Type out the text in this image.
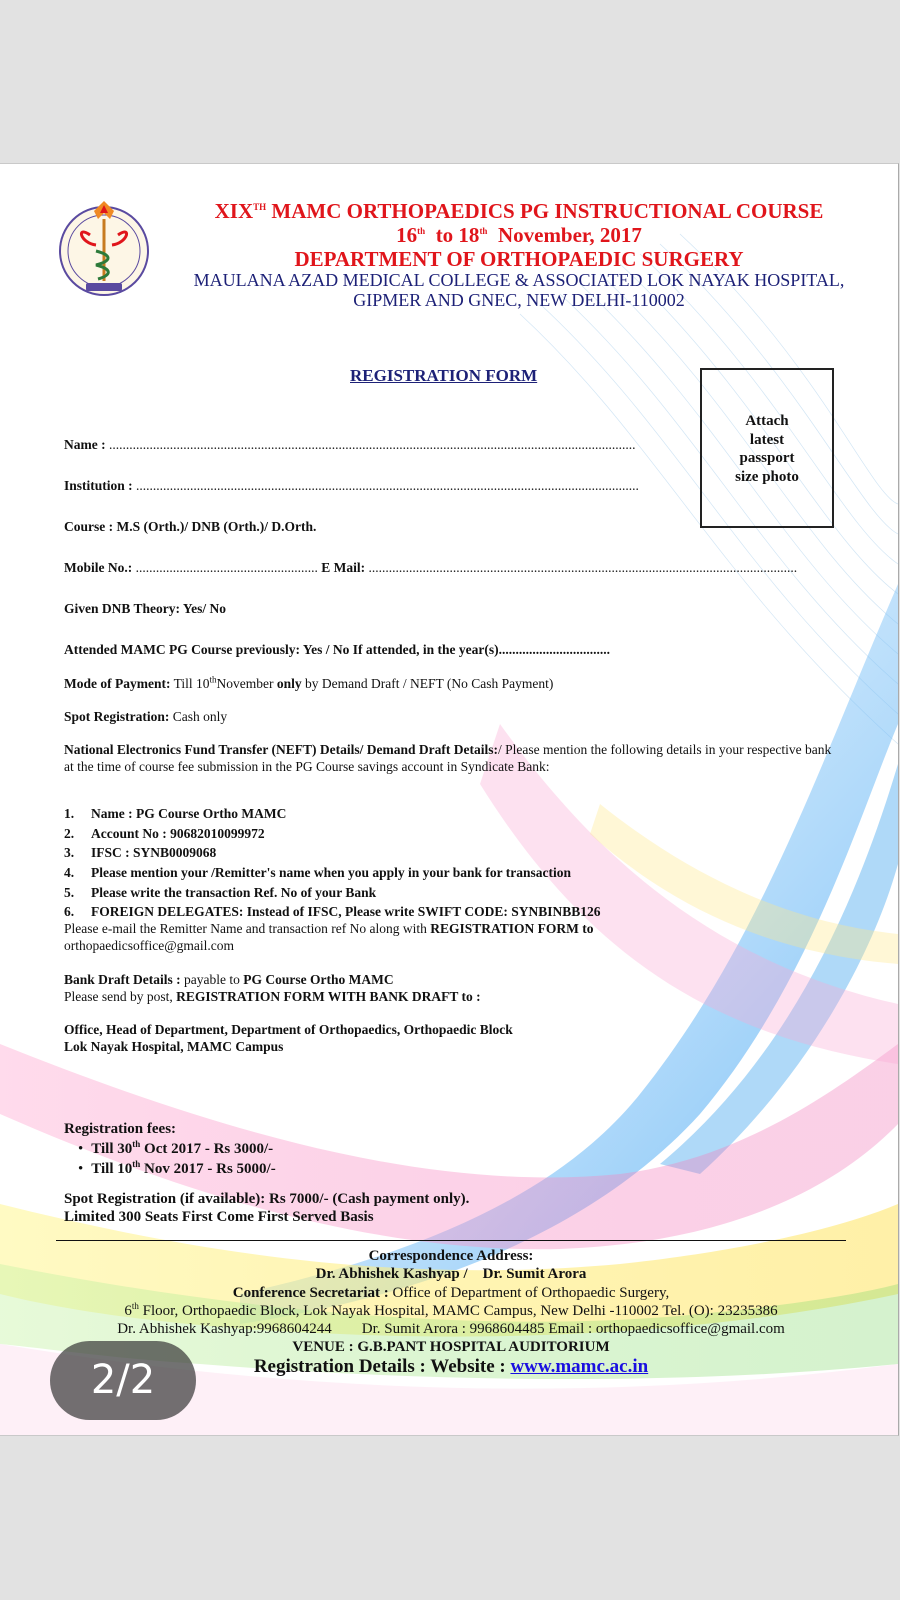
XIXTH MAMC ORTHOPAEDICS PG INSTRUCTIONAL COURSE
16th  to 18th  November, 2017
DEPARTMENT OF ORTHOPAEDIC SURGERY
MAULANA AZAD MEDICAL COLLEGE & ASSOCIATED LOK NAYAK HOSPITAL,
GIPMER AND GNEC, NEW DELHI-110002
REGISTRATION FORM
Attach
latest
passport
size photo
Name : ............................................................................................................................................................
Institution : .....................................................................................................................................................
Course : M.S (Orth.)/ DNB (Orth.)/ D.Orth.
Mobile No.: ...................................................... E Mail: ...............................................................................................................................
Given DNB Theory: Yes/ No
Attended MAMC PG Course previously: Yes / No If attended, in the year(s).................................
Mode of Payment: Till 10thNovember only by Demand Draft / NEFT (No Cash Payment)
Spot Registration: Cash only
National Electronics Fund Transfer (NEFT) Details/ Demand Draft Details:/ Please mention the following details in your respective bank at the time of course fee submission in the PG Course savings account in Syndicate Bank:
1.	Name : PG Course Ortho MAMC
2.	Account No : 90682010099972
3.	IFSC : SYNB0009068
4.	Please mention your /Remitter's name when you apply in your bank for transaction
5.	Please write the transaction Ref. No of your Bank
6.	FOREIGN DELEGATES: Instead of IFSC, Please write SWIFT CODE: SYNBINBB126
Please e-mail the Remitter Name and transaction ref No along with REGISTRATION FORM to
orthopaedicsoffice@gmail.com
Bank Draft Details : payable to PG Course Ortho MAMC
Please send by post, REGISTRATION FORM WITH BANK DRAFT to :
Office, Head of Department, Department of Orthopaedics, Orthopaedic Block
Lok Nayak Hospital, MAMC Campus
Registration fees:
• Till 30th Oct 2017 - Rs 3000/-
• Till 10th Nov 2017 - Rs 5000/-
Spot Registration (if available): Rs 7000/- (Cash payment only).
Limited 300 Seats First Come First Served Basis
Correspondence Address:
Dr. Abhishek Kashyap /    Dr. Sumit Arora
Conference Secretariat : Office of Department of Orthopaedic Surgery,
6th Floor, Orthopaedic Block, Lok Nayak Hospital, MAMC Campus, New Delhi -110002 Tel. (O): 23235386
Dr. Abhishek Kashyap:9968604244        Dr. Sumit Arora : 9968604485 Email : orthopaedicsoffice@gmail.com
VENUE : G.B.PANT HOSPITAL AUDITORIUM
Registration Details : Website : www.mamc.ac.in
2/2
